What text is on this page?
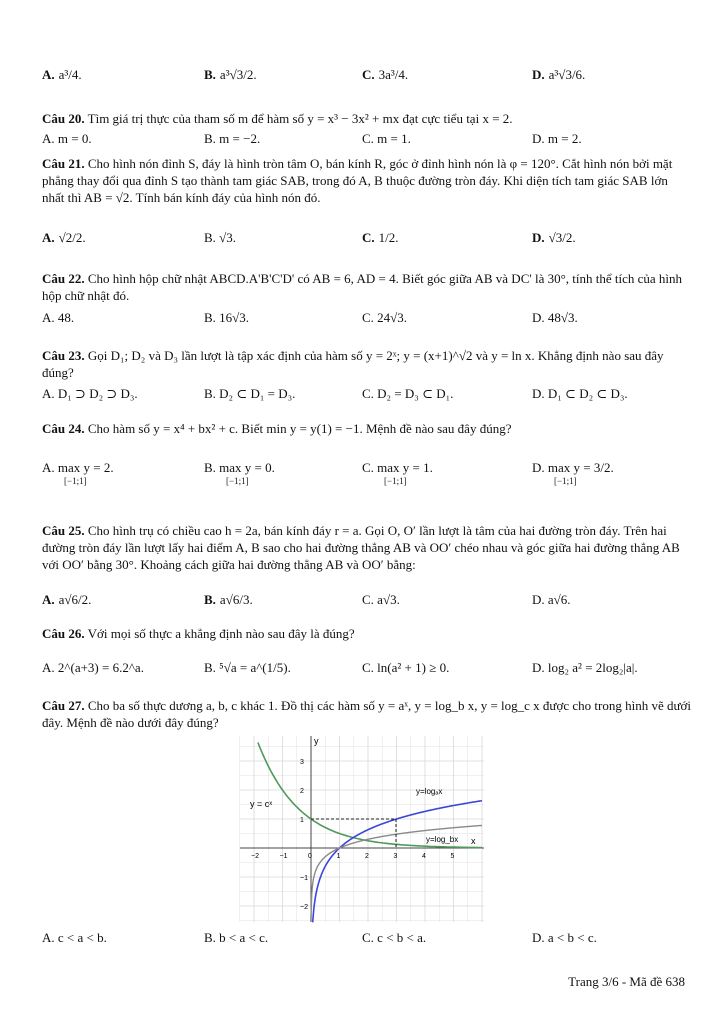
A. a³/4.	B. a³√3/2.	C. 3a³/4.	D. a³√3/6.
Câu 20. Tìm giá trị thực của tham số m để hàm số y = x³ − 3x² + mx đạt cực tiểu tại x = 2.
A. m = 0.	B. m = −2.	C. m = 1.	D. m = 2.
Câu 21. Cho hình nón đỉnh S, đáy là hình tròn tâm O, bán kính R, góc ở đỉnh hình nón là φ = 120°. Cắt hình nón bởi mặt phẳng thay đổi qua đỉnh S tạo thành tam giác SAB, trong đó A, B thuộc đường tròn đáy. Khi diện tích tam giác SAB lớn nhất thì AB = √2. Tính bán kính đáy của hình nón đó.
A. √2/2.	B. √3.	C. 1/2.	D. √3/2.
Câu 22. Cho hình hộp chữ nhật ABCD.A'B'C'D' có AB = 6, AD = 4. Biết góc giữa AB và DC' là 30°, tính thể tích của hình hộp chữ nhật đó.
A. 48.	B. 16√3.	C. 24√3.	D. 48√3.
Câu 23. Gọi D₁; D₂ và D₃ lần lượt là tập xác định của hàm số y = 2ˣ; y = (x+1)^√2 và y = ln x. Khẳng định nào sau đây đúng?
A. D₁ ⊃ D₂ ⊃ D₃.	B. D₂ ⊂ D₁ = D₃.	C. D₂ = D₃ ⊂ D₁.	D. D₁ ⊂ D₂ ⊂ D₃.
Câu 24. Cho hàm số y = x⁴ + bx² + c. Biết min y = y(1) = −1. Mệnh đề nào sau đây đúng?
A. max y = 2.	B. max y = 0.	C. max y = 1.	D. max y =
3/2.
[−1;1]	[−1;1]	[−1;1]	[−1;1]
Câu 25. Cho hình trụ có chiều cao h = 2a, bán kính đáy r = a. Gọi O, O′ lần lượt là tâm của hai đường tròn đáy. Trên hai đường tròn đáy lần lượt lấy hai điểm A, B sao cho hai đường thẳng AB và OO′ chéo nhau và góc giữa hai đường thẳng AB với OO′ bằng 30°. Khoảng cách giữa hai đường thẳng AB và OO′ bằng:
A. a√6/2.	B. a√6/3.	C. a√3.	D. a√6.
Câu 26. Với mọi số thực a khẳng định nào sau đây là đúng?
A. 2^(a+3) = 6.2^a.	B. ⁵√a = a^(1/5).	C. ln(a² + 1) ≥ 0.	D. log₂ a² = 2log₂|a|.
Câu 27. Cho ba số thực dương a, b, c khác 1. Đồ thị các hàm số y = aˣ, y = log_b x, y = log_c x được cho trong hình vẽ dưới đây. Mệnh đề nào dưới đây đúng?
−2	−1	0	1	2	3	4	5
3
2
1
−1
−2
y
x
y = cˣ
y=logₐx
y=log_bx
A. c < a < b.	B. b < a < c.	C. c < b < a.	D. a < b < c.
Trang 3/6 - Mã đề 638
